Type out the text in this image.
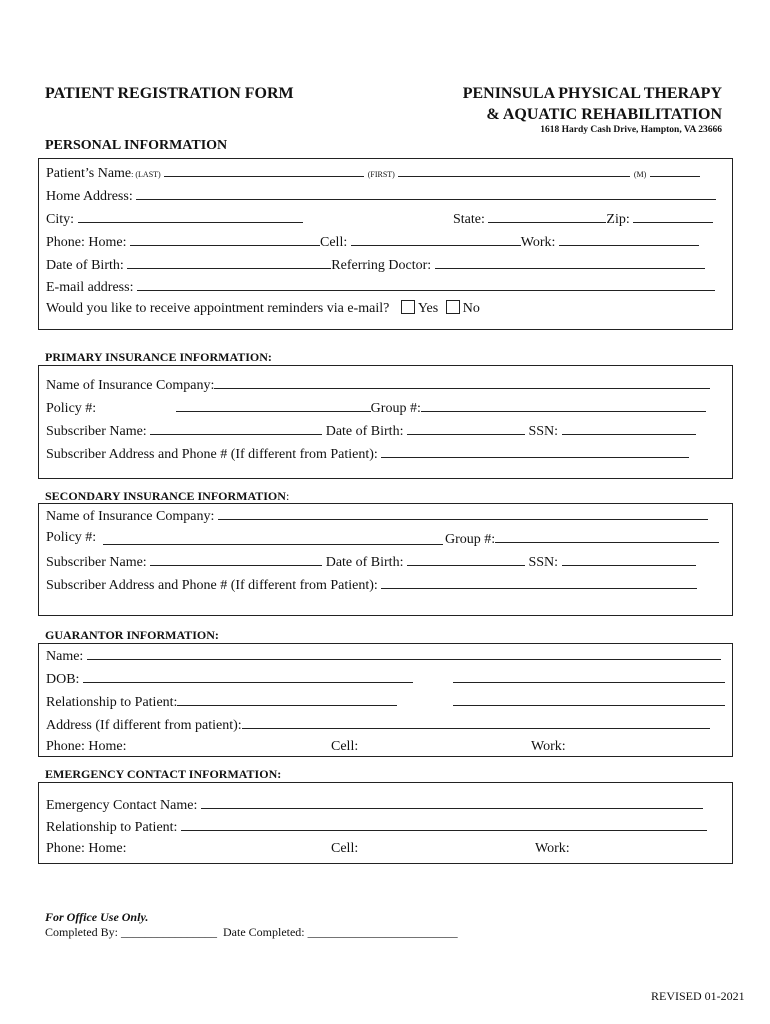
PATIENT REGISTRATION FORM	PENINSULA PHYSICAL THERAPY
& AQUATIC REHABILITATION
1618 Hardy Cash Drive, Hampton, VA 23666
PERSONAL INFORMATION
Patient’s Name: (LAST)	(FIRST)	(M)
Home Address:
City:	State:	Zip:
Phone: Home:	Cell:	Work:
Date of Birth:	Referring Doctor:
E-mail address:
Would you like to receive appointment reminders via e-mail? Yes No
PRIMARY INSURANCE INFORMATION:
Name of Insurance Company:
Policy #:	Group #:
Subscriber Name:	Date of Birth:	SSN:
Subscriber Address and Phone # (If different from Patient):
SECONDARY INSURANCE INFORMATION:
Name of Insurance Company:
Policy #:	Group #:
Subscriber Name:	Date of Birth:	SSN:
Subscriber Address and Phone # (If different from Patient):
GUARANTOR INFORMATION:
Name:
DOB:
Relationship to Patient:
Address (If different from patient):
Phone: Home:	Cell:	Work:
EMERGENCY CONTACT INFORMATION:
Emergency Contact Name:
Relationship to Patient:
Phone: Home:	Cell:	Work:
For Office Use Only.
Completed By: ________________ Date Completed: _________________________
REVISED 01-2021
